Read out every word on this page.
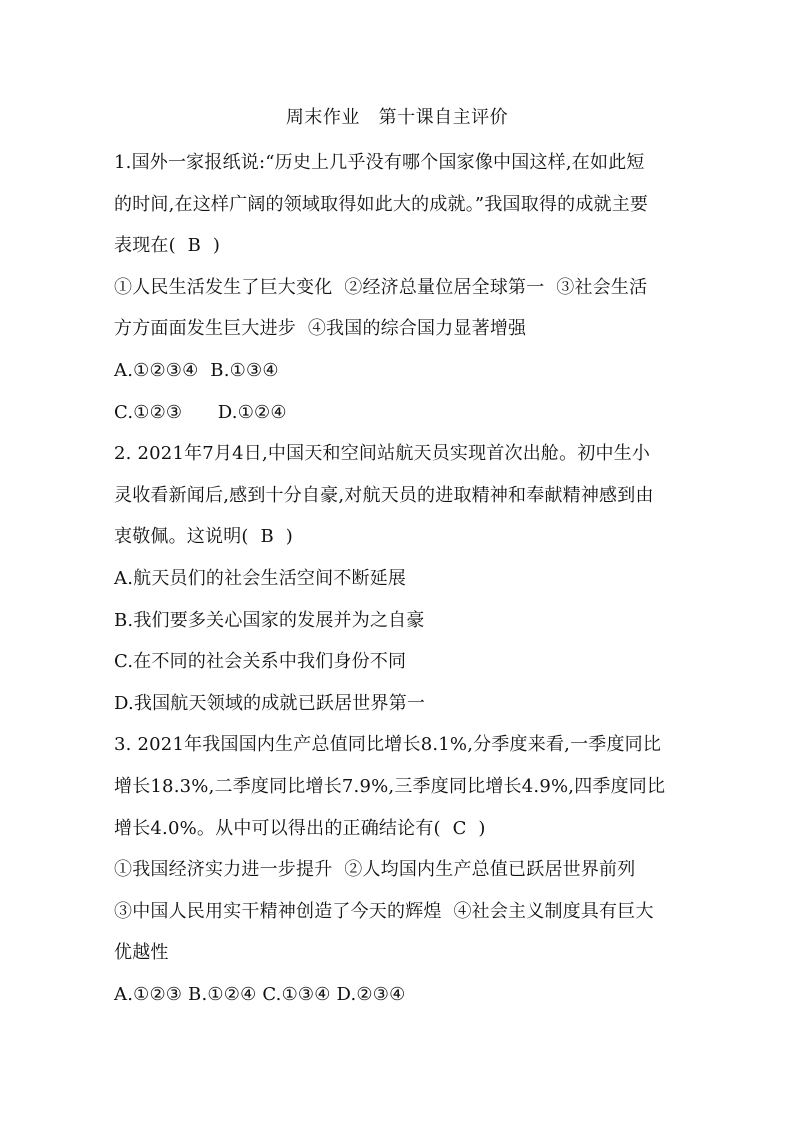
周末作业   第十课自主评价
1.国外一家报纸说:“历史上几乎没有哪个国家像中国这样,在如此短
的时间,在这样广阔的领域取得如此大的成就。”我国取得的成就主要
表现在(  B  )
①人民生活发生了巨大变化  ②经济总量位居全球第一  ③社会生活
方方面面发生巨大进步  ④我国的综合国力显著增强
A.①②③④  B.①③④
C.①②③      D.①②④
2. 2021年7月4日,中国天和空间站航天员实现首次出舱。初中生小
灵收看新闻后,感到十分自豪,对航天员的进取精神和奉献精神感到由
衷敬佩。这说明(  B  )
A.航天员们的社会生活空间不断延展
B.我们要多关心国家的发展并为之自豪
C.在不同的社会关系中我们身份不同
D.我国航天领域的成就已跃居世界第一
3. 2021年我国国内生产总值同比增长8.1%,分季度来看,一季度同比
增长18.3%,二季度同比增长7.9%,三季度同比增长4.9%,四季度同比
增长4.0%。从中可以得出的正确结论有(  C  )
①我国经济实力进一步提升  ②人均国内生产总值已跃居世界前列
③中国人民用实干精神创造了今天的辉煌  ④社会主义制度具有巨大
优越性
A.①②③ B.①②④ C.①③④ D.②③④
